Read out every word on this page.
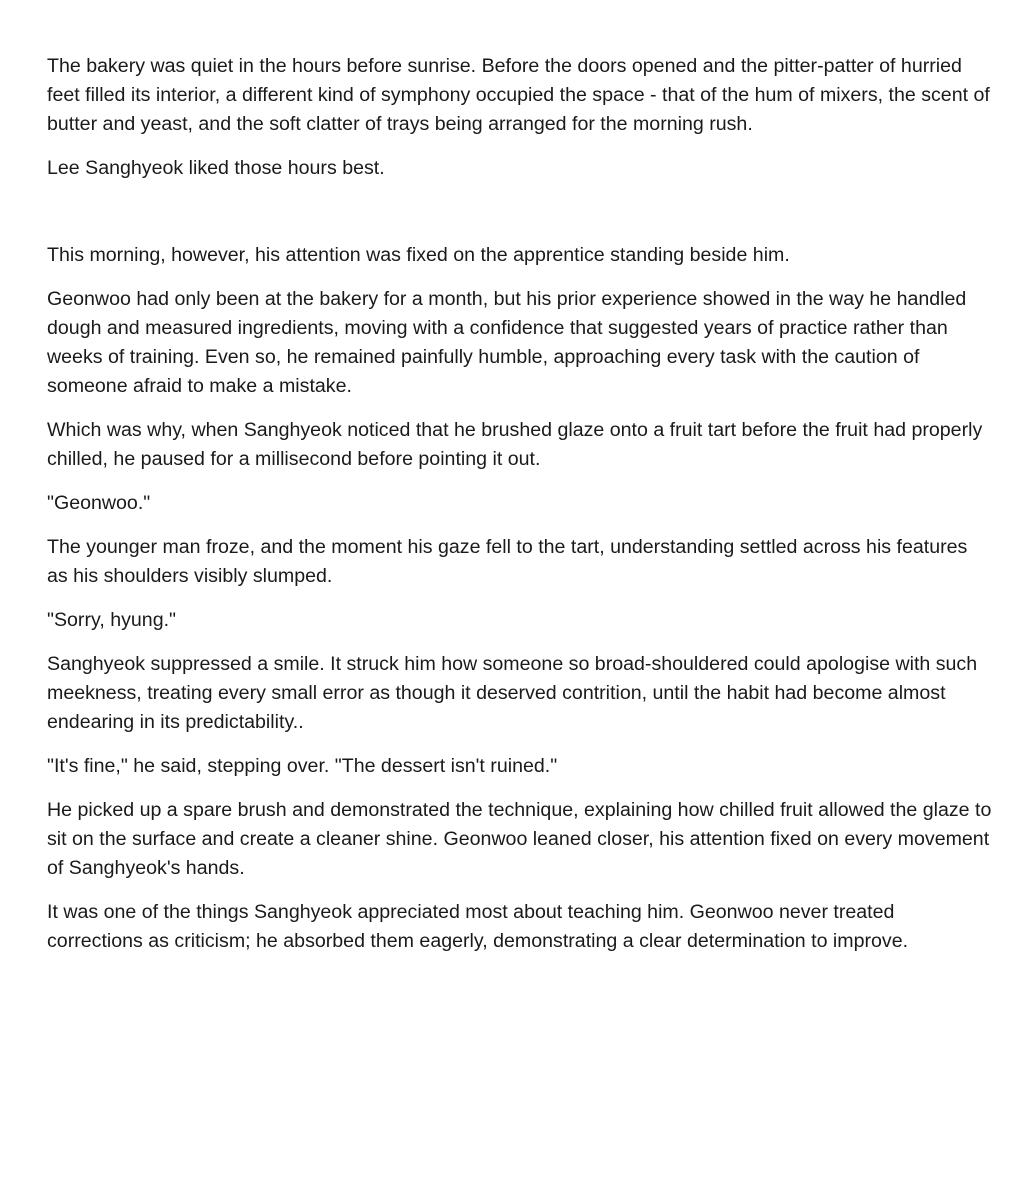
The bakery was quiet in the hours before sunrise. Before the doors opened and the pitter-patter of hurried feet filled its interior, a different kind of symphony occupied the space - that of the hum of mixers, the scent of butter and yeast, and the soft clatter of trays being arranged for the morning rush.

Lee Sanghyeok liked those hours best.

This morning, however, his attention was fixed on the apprentice standing beside him.

Geonwoo had only been at the bakery for a month, but his prior experience showed in the way he handled dough and measured ingredients, moving with a confidence that suggested years of practice rather than weeks of training. Even so, he remained painfully humble, approaching every task with the caution of someone afraid to make a mistake.

Which was why, when Sanghyeok noticed that he brushed glaze onto a fruit tart before the fruit had properly chilled, he paused for a millisecond before pointing it out.

"Geonwoo."

The younger man froze, and the moment his gaze fell to the tart, understanding settled across his features as his shoulders visibly slumped.

"Sorry, hyung."

Sanghyeok suppressed a smile. It struck him how someone so broad-shouldered could apologise with such meekness, treating every small error as though it deserved contrition, until the habit had become almost endearing in its predictability..

"It's fine," he said, stepping over. "The dessert isn't ruined."

He picked up a spare brush and demonstrated the technique, explaining how chilled fruit allowed the glaze to sit on the surface and create a cleaner shine. Geonwoo leaned closer, his attention fixed on every movement of Sanghyeok's hands.

It was one of the things Sanghyeok appreciated most about teaching him. Geonwoo never treated corrections as criticism; he absorbed them eagerly, demonstrating a clear determination to improve.
